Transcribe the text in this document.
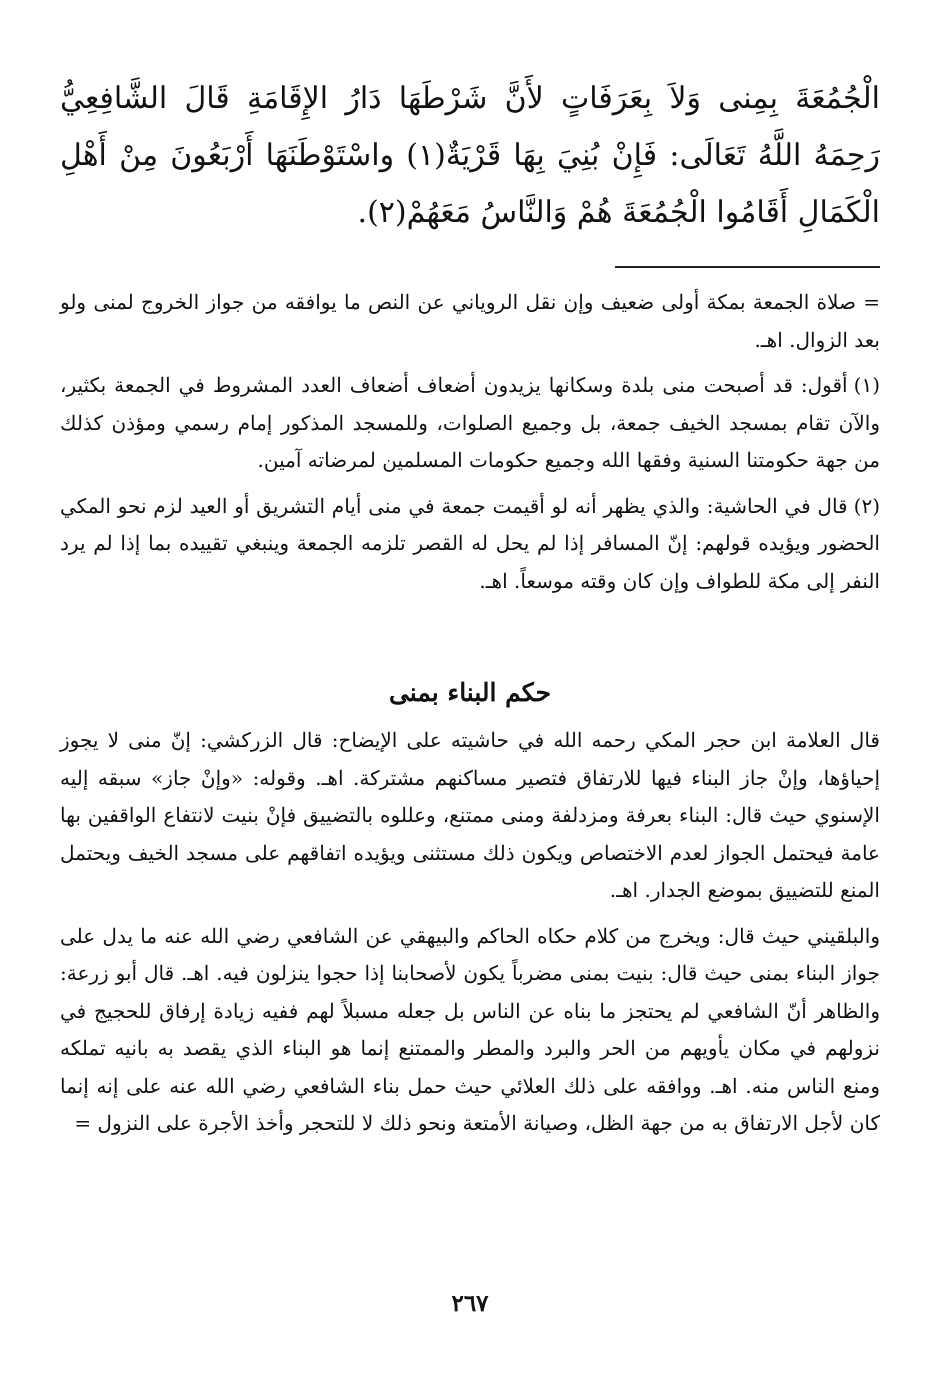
الْجُمُعَةَ بِمِنى وَلاَ بِعَرَفَاتٍ لأَنَّ شَرْطَهَا دَارُ الإِقَامَةِ قَالَ الشَّافِعِيُّ رَحِمَهُ اللَّهُ تَعَالَى: فَإِنْ بُنِيَ بِهَا قَرْيَةٌ(١) واسْتَوْطَنَهَا أَرْبَعُونَ مِنْ أَهْلِ الْكَمَالِ أَقَامُوا الْجُمُعَةَ هُمْ وَالنَّاسُ مَعَهُمْ(٢).

= صلاة الجمعة بمكة أولى ضعيف وإن نقل الروياني عن النص ما يوافقه من جواز الخروج لمنى ولو بعد الزوال. اهـ.

(١)أقول: قد أصبحت منى بلدة وسكانها يزيدون أضعاف أضعاف العدد المشروط في الجمعة بكثير، والآن تقام بمسجد الخيف جمعة، بل وجميع الصلوات، وللمسجد المذكور إمام رسمي ومؤذن كذلك من جهة حكومتنا السنية وفقها الله وجميع حكومات المسلمين لمرضاته آمين.

(٢)قال في الحاشية: والذي يظهر أنه لو أقيمت جمعة في منى أيام التشريق أو العيد لزم نحو المكي الحضور ويؤيده قولهم: إنّ المسافر إذا لم يحل له القصر تلزمه الجمعة وينبغي تقييده بما إذا لم يرد النفر إلى مكة للطواف وإن كان وقته موسعاً. اهـ.

حكم البناء بمنى

قال العلامة ابن حجر المكي رحمه الله في حاشيته على الإيضاح: قال الزركشي: إنّ منى لا يجوز إحياؤها، وإنْ جاز البناء فيها للارتفاق فتصير مساكنهم مشتركة. اهـ. وقوله: «وإنْ جاز» سبقه إليه الإسنوي حيث قال: البناء بعرفة ومزدلفة ومنى ممتنع، وعللوه بالتضييق فإنْ بنيت لانتفاع الواقفين بها عامة فيحتمل الجواز لعدم الاختصاص ويكون ذلك مستثنى ويؤيده اتفاقهم على مسجد الخيف ويحتمل المنع للتضييق بموضع الجدار. اهـ.

والبلقيني حيث قال: ويخرج من كلام حكاه الحاكم والبيهقي عن الشافعي رضي الله عنه ما يدل على جواز البناء بمنى حيث قال: بنيت بمنى مضرباً يكون لأصحابنا إذا حجوا ينزلون فيه. اهـ. قال أبو زرعة: والظاهر أنّ الشافعي لم يحتجز ما بناه عن الناس بل جعله مسبلاً لهم ففيه زيادة إرفاق للحجيج في نزولهم في مكان يأويهم من الحر والبرد والمطر والممتنع إنما هو البناء الذي يقصد به بانيه تملكه ومنع الناس منه. اهـ. ووافقه على ذلك العلائي حيث حمل بناء الشافعي رضي الله عنه على إنه إنما كان لأجل الارتفاق به من جهة الظل، وصيانة الأمتعة ونحو ذلك لا للتحجر وأخذ الأجرة على النزول =

٢٦٧
